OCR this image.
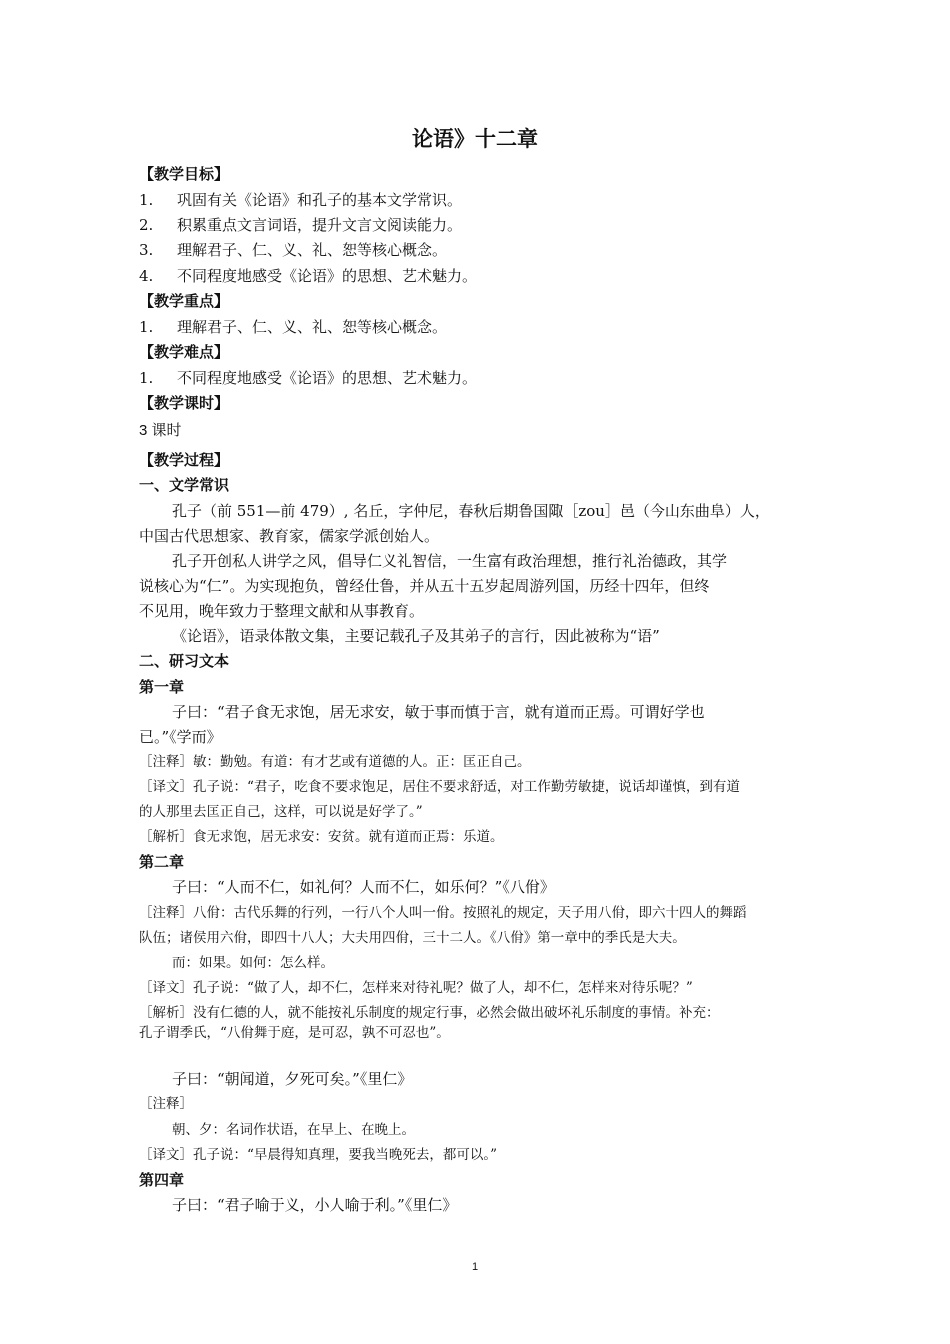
论语》十二章
【教学目标】
1. 巩固有关《论语》和孔子的基本文学常识。
2. 积累重点文言词语，提升文言文阅读能力。
3. 理解君子、仁、义、礼、恕等核心概念。
4. 不同程度地感受《论语》的思想、艺术魅力。
【教学重点】
1. 理解君子、仁、义、礼、恕等核心概念。
【教学难点】
1. 不同程度地感受《论语》的思想、艺术魅力。
【教学课时】
3 课时
【教学过程】
一、文学常识
孔子（前 551—前 479）, 名丘，字仲尼，春秋后期鲁国陬［zou］邑（今山东曲阜）人，
中国古代思想家、教育家，儒家学派创始人。
孔子开创私人讲学之风，倡导仁义礼智信，一生富有政治理想，推行礼治德政，其学
说核心为“仁”。为实现抱负，曾经仕鲁，并从五十五岁起周游列国，历经十四年，但终
不见用，晚年致力于整理文献和从事教育。
《论语》，语录体散文集，主要记载孔子及其弟子的言行，因此被称为“语”
二、研习文本
第一章
子曰：“君子食无求饱，居无求安，敏于事而慎于言，就有道而正焉。可谓好学也
已。”《学而》
［注释］敏：勤勉。有道：有才艺或有道德的人。正：匡正自己。
［译文］孔子说：“君子，吃食不要求饱足，居住不要求舒适，对工作勤劳敏捷，说话却谨慎，到有道
的人那里去匡正自己，这样，可以说是好学了。”
［解析］食无求饱，居无求安：安贫。就有道而正焉：乐道。
第二章
子曰：“人而不仁，如礼何？人而不仁，如乐何？”《八佾》
［注释］八佾：古代乐舞的行列，一行八个人叫一佾。按照礼的规定，天子用八佾，即六十四人的舞蹈
队伍；诸侯用六佾，即四十八人；大夫用四佾，三十二人。《八佾》第一章中的季氏是大夫。
而：如果。如何：怎么样。
［译文］孔子说：“做了人，却不仁，怎样来对待礼呢？做了人，却不仁，怎样来对待乐呢？”
［解析］没有仁德的人，就不能按礼乐制度的规定行事，必然会做出破坏礼乐制度的事情。补充：
孔子谓季氏，“八佾舞于庭，是可忍，孰不可忍也”。
子曰：“朝闻道，夕死可矣。”《里仁》
［注释］
朝、夕：名词作状语，在早上、在晚上。
［译文］孔子说：“早晨得知真理，要我当晚死去，都可以。”
第四章
子曰：“君子喻于义，小人喻于利。”《里仁》
1
